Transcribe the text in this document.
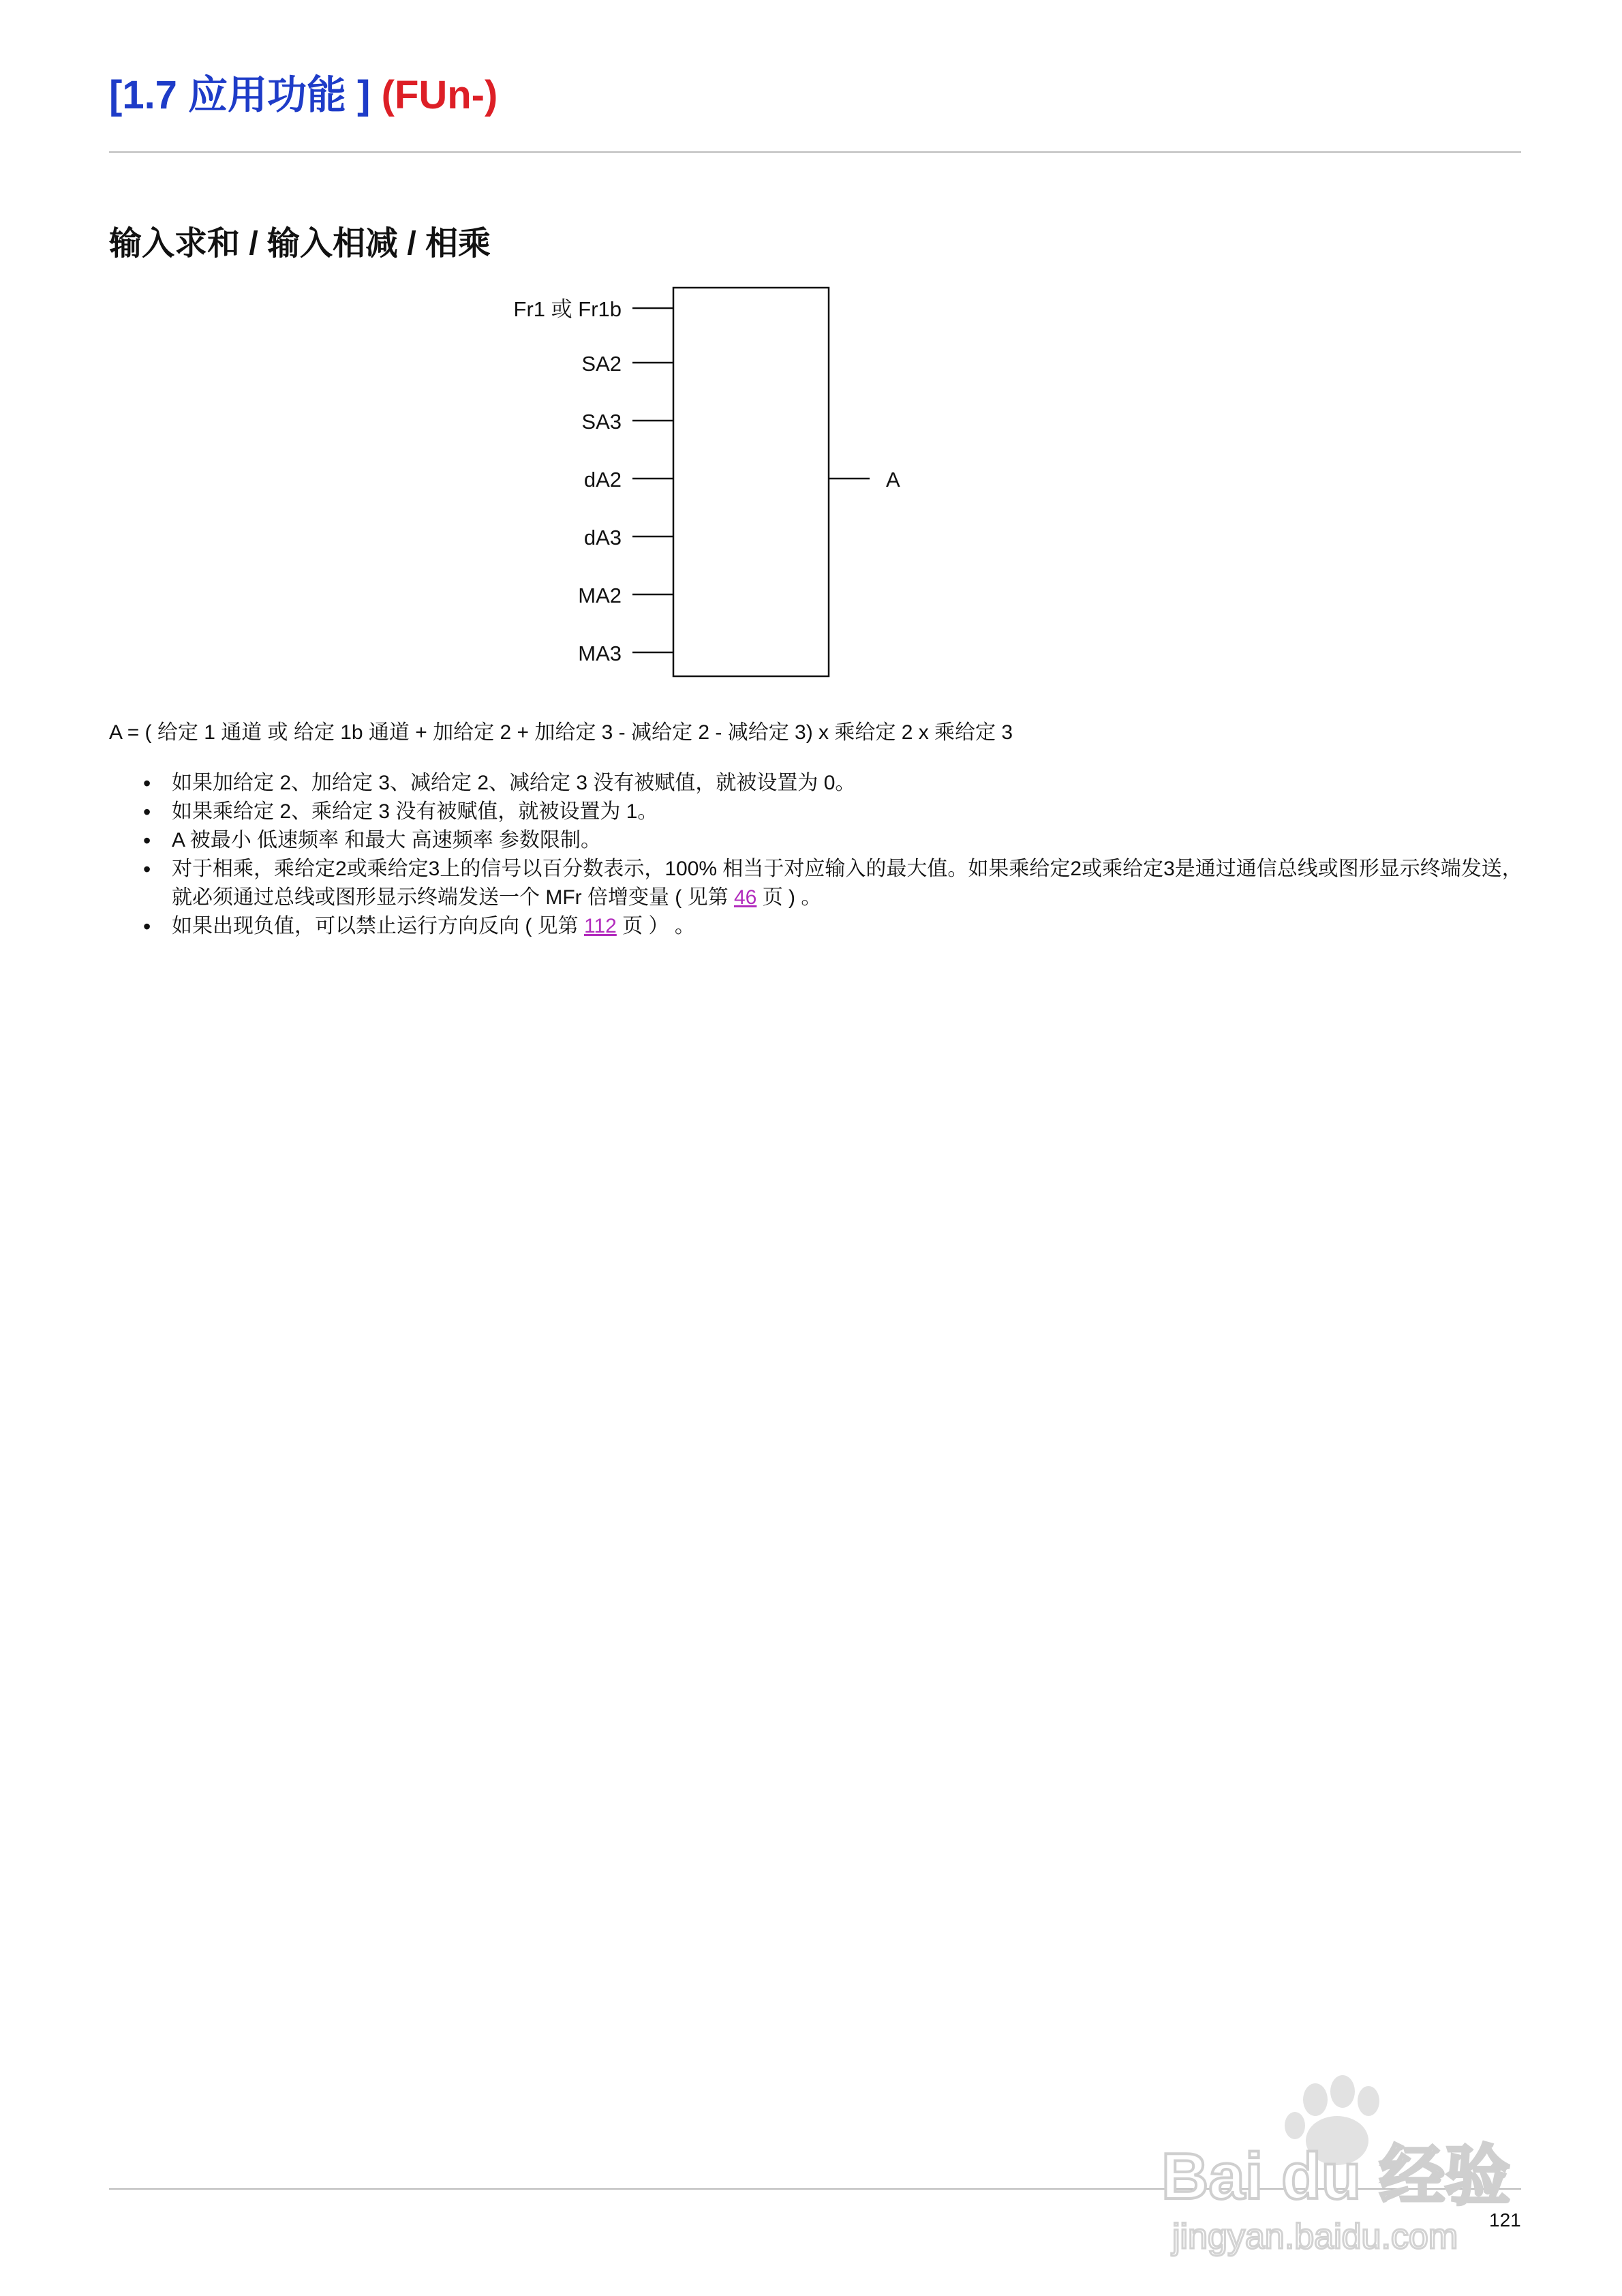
[1.7 应用功能 ] (FUn-)
输入求和 / 输入相减 / 相乘
Fr1 或 Fr1b
SA2
SA3
dA2
dA3
MA2
MA3
A
A = ( 给定 1 通道 或 给定 1b 通道 + 加给定 2 + 加给定 3 - 减给定 2 - 减给定 3) x 乘给定 2 x 乘给定 3
• 如果加给定 2、加给定 3、减给定 2、减给定 3 没有被赋值，就被设置为 0。
• 如果乘给定 2、乘给定 3 没有被赋值，就被设置为 1。
• A 被最小 低速频率 和最大 高速频率 参数限制。
• 对于相乘，乘给定2或乘给定3上的信号以百分数表示，100% 相当于对应输入的最大值。如果乘给定2或乘给定3是通过通信总线或图形显示终端发送，就必须通过总线或图形显示终端发送一个 MFr 倍增变量 ( 见第 46 页 ) 。
• 如果出现负值，可以禁止运行方向反向 ( 见第 112 页 ） 。
Bai du 经验
jingyan.baidu.com 121
